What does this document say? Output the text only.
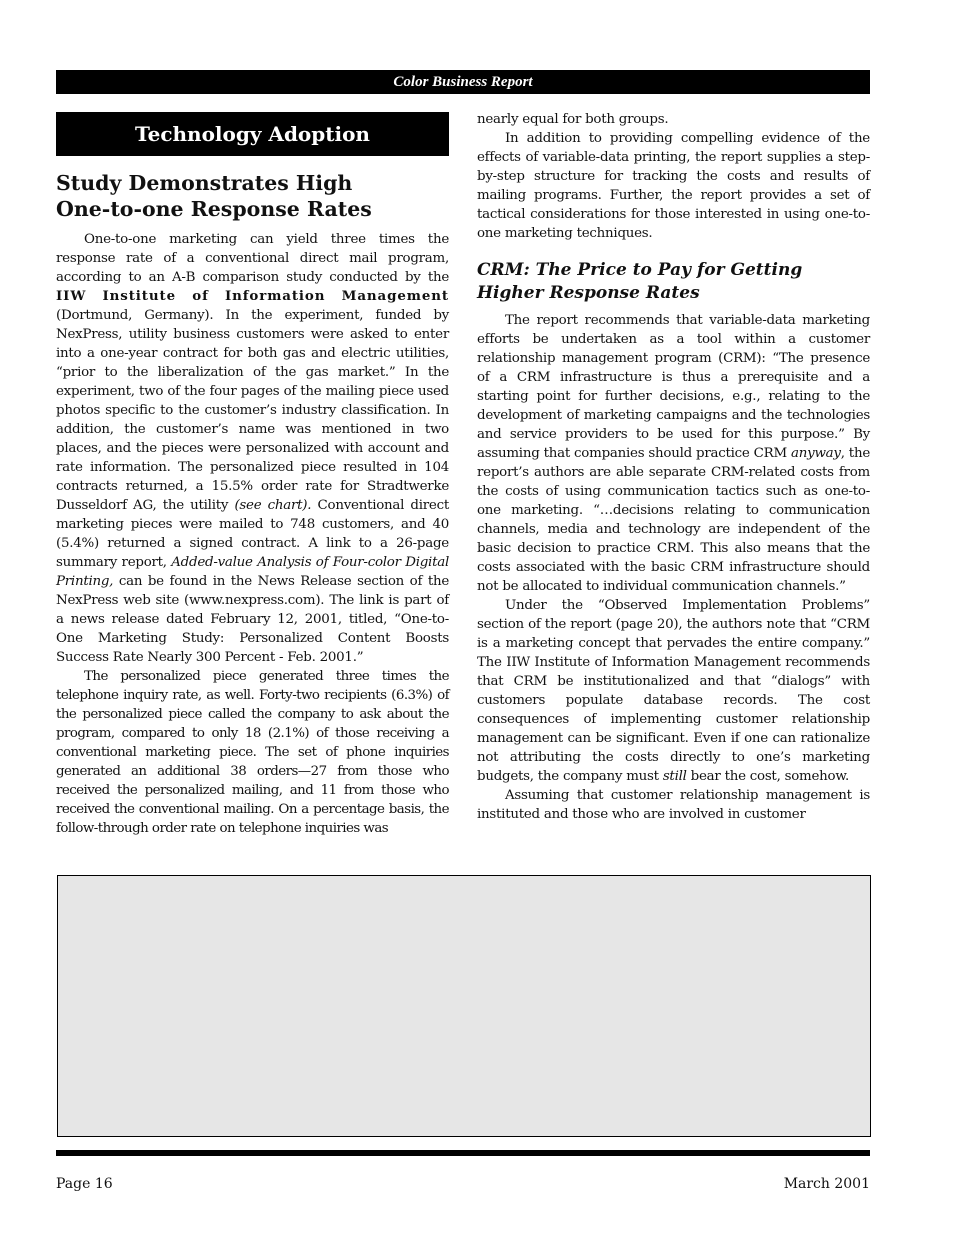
Color Business Report
Technology Adoption
Study Demonstrates High
One-to-one Response Rates

One-to-one marketing can yield three times the response rate of a conventional direct mail program, according to an A-B comparison study conducted by the IIW Institute of Information Management (Dortmund, Germany). In the experiment, funded by NexPress, utility business customers were asked to enter into a one-year contract for both gas and electric utilities, “prior to the liberalization of the gas market.” In the experiment, two of the four pages of the mailing piece used photos specific to the customer’s industry classification. In addition, the customer’s name was mentioned in two places, and the pieces were personalized with account and rate information. The personalized piece resulted in 104 contracts returned, a 15.5% order rate for Stradtwerke Dusseldorf AG, the utility (see chart). Conventional direct marketing pieces were mailed to 748 customers, and 40 (5.4%) returned a signed contract. A link to a 26-page summary report, Added-value Analysis of Four-color Digital Printing, can be found in the News Release section of the NexPress web site (www.nexpress.com). The link is part of a news release dated February 12, 2001, titled, “One-to-One Marketing Study: Personalized Content Boosts Success Rate Nearly 300 Percent - Feb. 2001.”

The personalized piece generated three times the telephone inquiry rate, as well. Forty-two recipients (6.3%) of the personalized piece called the company to ask about the program, compared to only 18 (2.1%) of those receiving a conventional marketing piece. The set of phone inquiries generated an additional 38 orders—27 from those who received the personalized mailing, and 11 from those who received the conventional mailing. On a percentage basis, the follow-through order rate on telephone inquiries was

nearly equal for both groups.

In addition to providing compelling evidence of the effects of variable-data printing, the report supplies a step-by-step structure for tracking the costs and results of mailing programs. Further, the report provides a set of tactical considerations for those interested in using one-to-one marketing techniques.

CRM: The Price to Pay for Getting Higher Response Rates

The report recommends that variable-data marketing efforts be undertaken as a tool within a customer relationship management program (CRM): “The presence of a CRM infrastructure is thus a prerequisite and a starting point for further decisions, e.g., relating to the development of marketing campaigns and the technologies and service providers to be used for this purpose.” By assuming that companies should practice CRM anyway, the report’s authors are able separate CRM-related costs from the costs of using communication tactics such as one-to-one marketing. “…decisions relating to communication channels, media and technology are independent of the basic decision to practice CRM. This also means that the costs associated with the basic CRM infrastructure should not be allocated to individual communication channels.”

Under the “Observed Implementation Problems” section of the report (page 20), the authors note that “CRM is a marketing concept that pervades the entire company.” The IIW Institute of Information Management recommends that CRM be institutionalized and that “dialogs” with customers populate database records. The cost consequences of implementing customer relationship management can be significant. Even if one can rationalize not attributing the costs directly to one’s marketing budgets, the company must still bear the cost, somehow.

Assuming that customer relationship management is instituted and those who are involved in customer

Page 16	March 2001
